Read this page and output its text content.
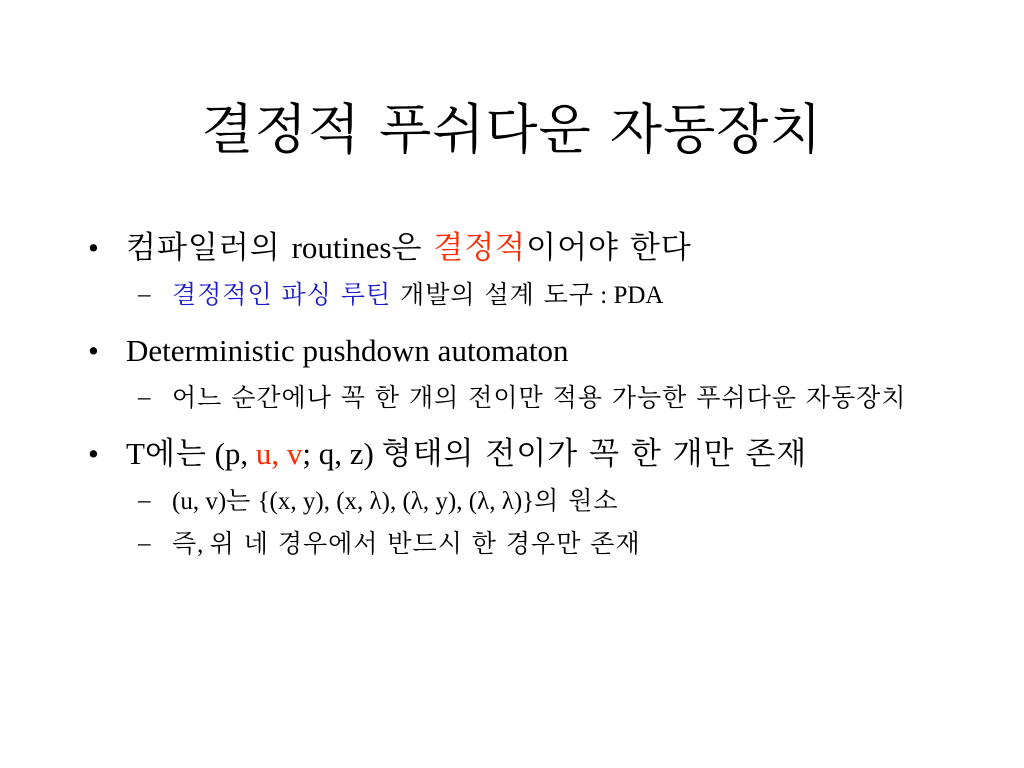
결정적 푸쉬다운 자동장치
• 컴파일러의 routines은 결정적이어야 한다
– 결정적인 파싱 루틴 개발의 설계 도구 : PDA
• Deterministic pushdown automaton
– 어느 순간에나 꼭 한 개의 전이만 적용 가능한 푸쉬다운 자동장치
• T에는 (p, u, v; q, z) 형태의 전이가 꼭 한 개만 존재
– (u, v)는 {(x, y), (x, λ), (λ, y), (λ, λ)}의 원소
– 즉, 위 네 경우에서 반드시 한 경우만 존재
